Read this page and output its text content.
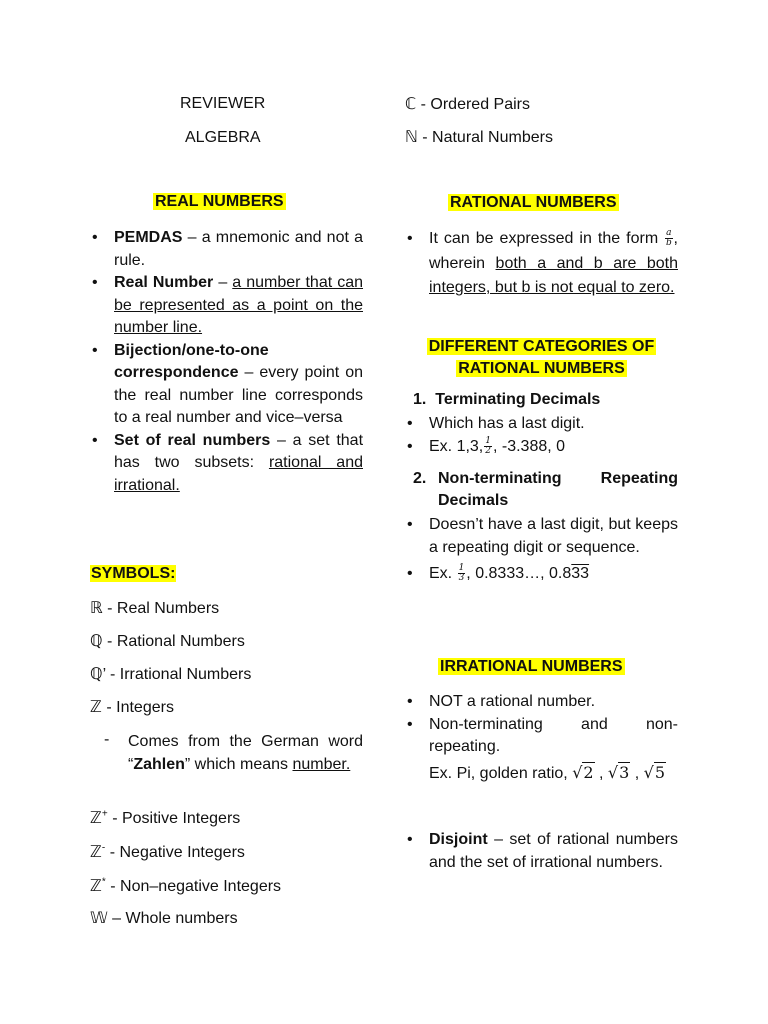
REVIEWER
ALGEBRA
REAL NUMBERS
• PEMDAS – a mnemonic and not a rule.
• Real Number – a number that can be represented as a point on the number line.
• Bijection/one-to-one correspondence – every point on the real number line corresponds to a real number and vice–versa
• Set of real numbers – a set that has two subsets: rational and irrational.
SYMBOLS:
ℝ - Real Numbers
ℚ - Rational Numbers
ℚ’ - Irrational Numbers
ℤ - Integers
- Comes from the German word “Zahlen” which means number.
ℤ+ - Positive Integers
ℤ- - Negative Integers
ℤ* - Non–negative Integers
𝕎 – Whole numbers
ℂ - Ordered Pairs
ℕ - Natural Numbers
RATIONAL NUMBERS
• It can be expressed in the form $\frac{a}{b}$ , wherein both a and b are both integers, but b is not equal to zero.
DIFFERENT CATEGORIES OF RATIONAL NUMBERS
1. Terminating Decimals
• Which has a last digit.
• Ex. 1,3, $\frac{1}{2}$ , -3.388, 0
2. Non-terminating Repeating Decimals
• Doesn’t have a last digit, but keeps a repeating digit or sequence.
• Ex. $\frac{1}{3}$ , 0.8333…, 0.833
IRRATIONAL NUMBERS
• NOT a rational number.
• Non-terminating and non-repeating.
Ex. Pi, golden ratio, √2 , √3 , √5
• Disjoint – set of rational numbers and the set of irrational numbers.
